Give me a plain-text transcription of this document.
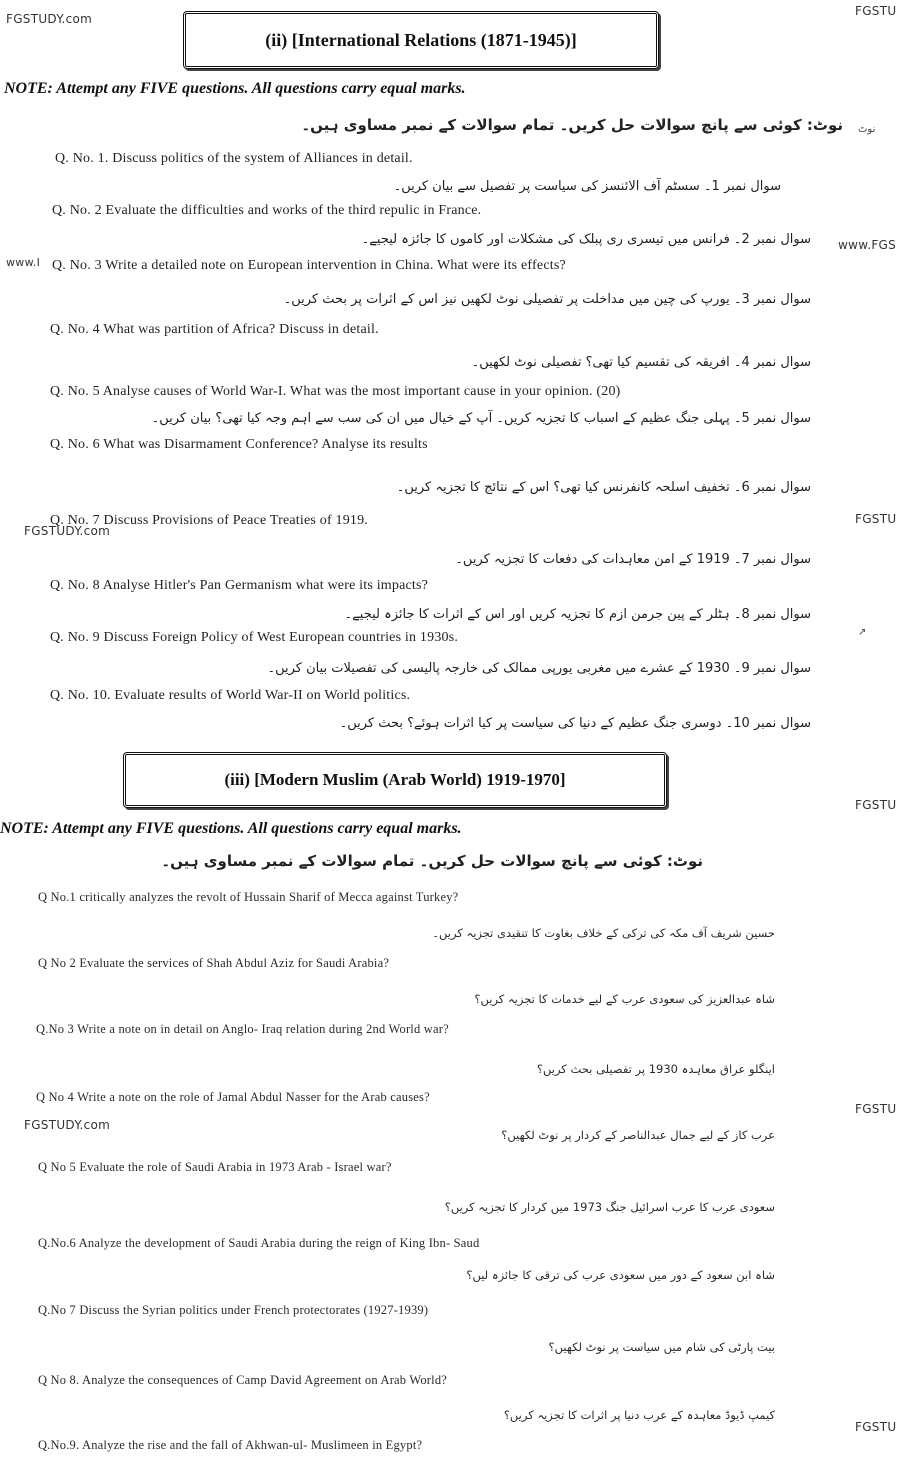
FGSTUDY.com
FGSTU
www.FGS
www.I
FGSTU
FGSTUDY.com
FGSTU
FGSTU
FGSTUDY.com
FGSTU
(ii) [International Relations (1871-1945)]
NOTE: Attempt any FIVE questions. All questions carry equal marks.
نوٹ: کوئی سے پانچ سوالات حل کریں۔ تمام سوالات کے نمبر مساوی ہیں۔ نوٹ
Q. No. 1. Discuss politics of the system of Alliances in detail.
سوال نمبر 1۔ سسٹم آف الائنسز کی سیاست پر تفصیل سے بیان کریں۔
Q. No. 2 Evaluate the difficulties and works of the third repulic in France.
سوال نمبر 2۔ فرانس میں تیسری ری پبلک کی مشکلات اور کاموں کا جائزہ لیجیے۔
Q. No. 3 Write a detailed note on European intervention in China. What were its effects?
سوال نمبر 3۔ یورپ کی چین میں مداخلت پر تفصیلی نوٹ لکھیں نیز اس کے اثرات پر بحث کریں۔
Q. No. 4 What was partition of Africa? Discuss in detail.
سوال نمبر 4۔ افریقہ کی تقسیم کیا تھی؟ تفصیلی نوٹ لکھیں۔
Q. No. 5 Analyse causes of World War-I. What was the most important cause in your opinion. (20)
سوال نمبر 5۔ پہلی جنگ عظیم کے اسباب کا تجزیہ کریں۔ آپ کے خیال میں ان کی سب سے اہم وجہ کیا تھی؟ بیان کریں۔
Q. No. 6 What was Disarmament Conference? Analyse its results
سوال نمبر 6۔ تخفیف اسلحہ کانفرنس کیا تھی؟ اس کے نتائج کا تجزیہ کریں۔
Q. No. 7 Discuss Provisions of Peace Treaties of 1919.
سوال نمبر 7۔ 1919 کے امن معاہدات کی دفعات کا تجزیہ کریں۔
Q. No. 8 Analyse Hitler's Pan Germanism what were its impacts?
سوال نمبر 8۔ ہٹلر کے پین جرمن ازم کا تجزیہ کریں اور اس کے اثرات کا جائزہ لیجیے۔
Q. No. 9 Discuss Foreign Policy of West European countries in 1930s.
سوال نمبر 9۔ 1930 کے عشرے میں مغربی یورپی ممالک کی خارجہ پالیسی کی تفصیلات بیان کریں۔
↗
Q. No. 10. Evaluate results of World War-II on World politics.
سوال نمبر 10۔ دوسری جنگ عظیم کے دنیا کی سیاست پر کیا اثرات ہوئے؟ بحث کریں۔
(iii) [Modern Muslim (Arab World) 1919-1970]
NOTE: Attempt any FIVE questions. All questions carry equal marks.
نوٹ: کوئی سے پانچ سوالات حل کریں۔ تمام سوالات کے نمبر مساوی ہیں۔
Q No.1 critically analyzes the revolt of Hussain Sharif of Mecca against Turkey?
حسین شریف آف مکہ کی ترکی کے خلاف بغاوت کا تنقیدی تجزیہ کریں۔
Q No 2 Evaluate the services of Shah Abdul Aziz for Saudi Arabia?
شاہ عبدالعزیز کی سعودی عرب کے لیے خدمات کا تجزیہ کریں؟
Q.No 3 Write a note on in detail on Anglo- Iraq relation during 2nd World war?
اینگلو عراق معاہدہ 1930 پر تفصیلی بحث کریں؟
Q No 4 Write a note on the role of Jamal Abdul Nasser for the Arab causes?
عرب کاز کے لیے جمال عبدالناصر کے کردار پر نوٹ لکھیں؟
Q No 5 Evaluate the role of Saudi Arabia in 1973 Arab - Israel war?
سعودی عرب کا عرب اسرائیل جنگ 1973 میں کردار کا تجزیہ کریں؟
Q.No.6 Analyze the development of Saudi Arabia during the reign of King Ibn- Saud
شاہ ابن سعود کے دور میں سعودی عرب کی ترقی کا جائزہ لیں؟
Q.No 7 Discuss the Syrian politics under French protectorates (1927-1939)
بیت پارٹی کی شام میں سیاست پر نوٹ لکھیں؟
Q No 8. Analyze the consequences of Camp David Agreement on Arab World?
کیمپ ڈیوڈ معاہدہ کے عرب دنیا پر اثرات کا تجزیہ کریں؟
Q.No.9. Analyze the rise and the fall of Akhwan-ul- Muslimeen in Egypt?
